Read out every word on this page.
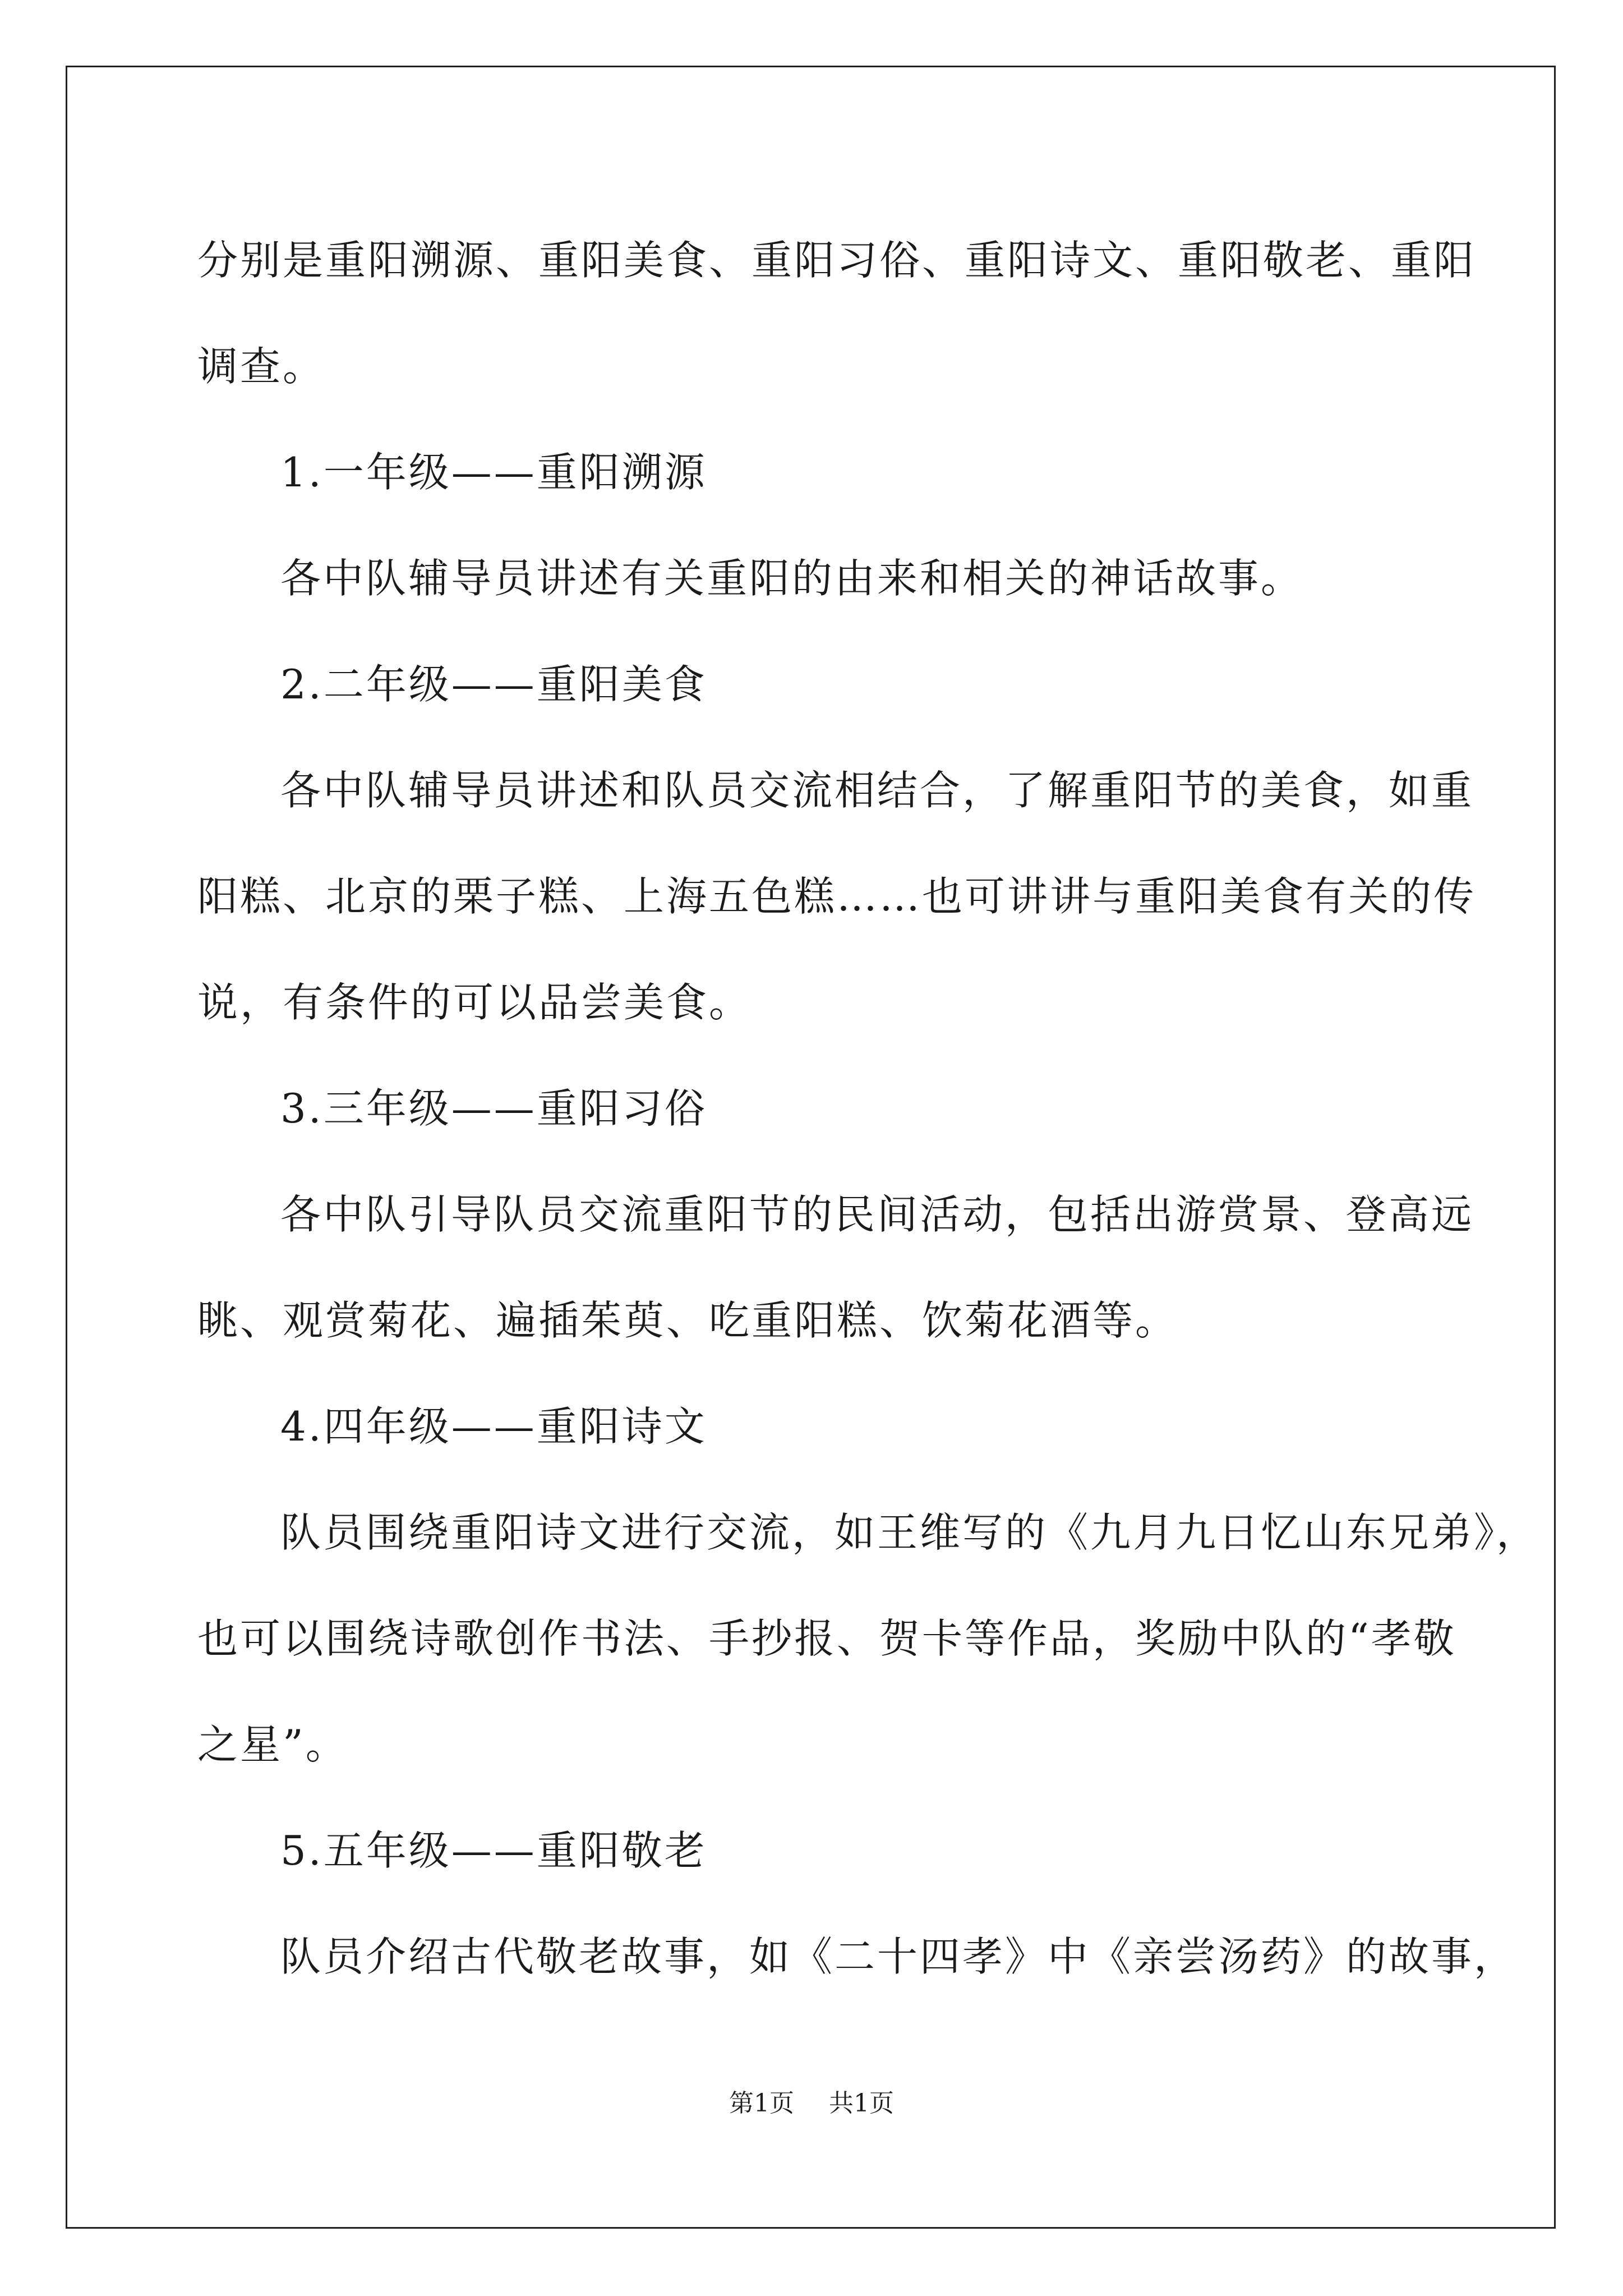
分别是重阳溯源、重阳美食、重阳习俗、重阳诗文、重阳敬老、重阳
调查。
1.一年级——重阳溯源
各中队辅导员讲述有关重阳的由来和相关的神话故事。
2.二年级——重阳美食
各中队辅导员讲述和队员交流相结合，了解重阳节的美食，如重
阳糕、北京的栗子糕、上海五色糕……也可讲讲与重阳美食有关的传
说，有条件的可以品尝美食。
3.三年级——重阳习俗
各中队引导队员交流重阳节的民间活动，包括出游赏景、登高远
眺、观赏菊花、遍插茱萸、吃重阳糕、饮菊花酒等。
4.四年级——重阳诗文
队员围绕重阳诗文进行交流，如王维写的《九月九日忆山东兄弟》，
也可以围绕诗歌创作书法、手抄报、贺卡等作品，奖励中队的“孝敬
之星”。
5.五年级——重阳敬老
队员介绍古代敬老故事，如《二十四孝》中《亲尝汤药》的故事，
第1页 共1页
